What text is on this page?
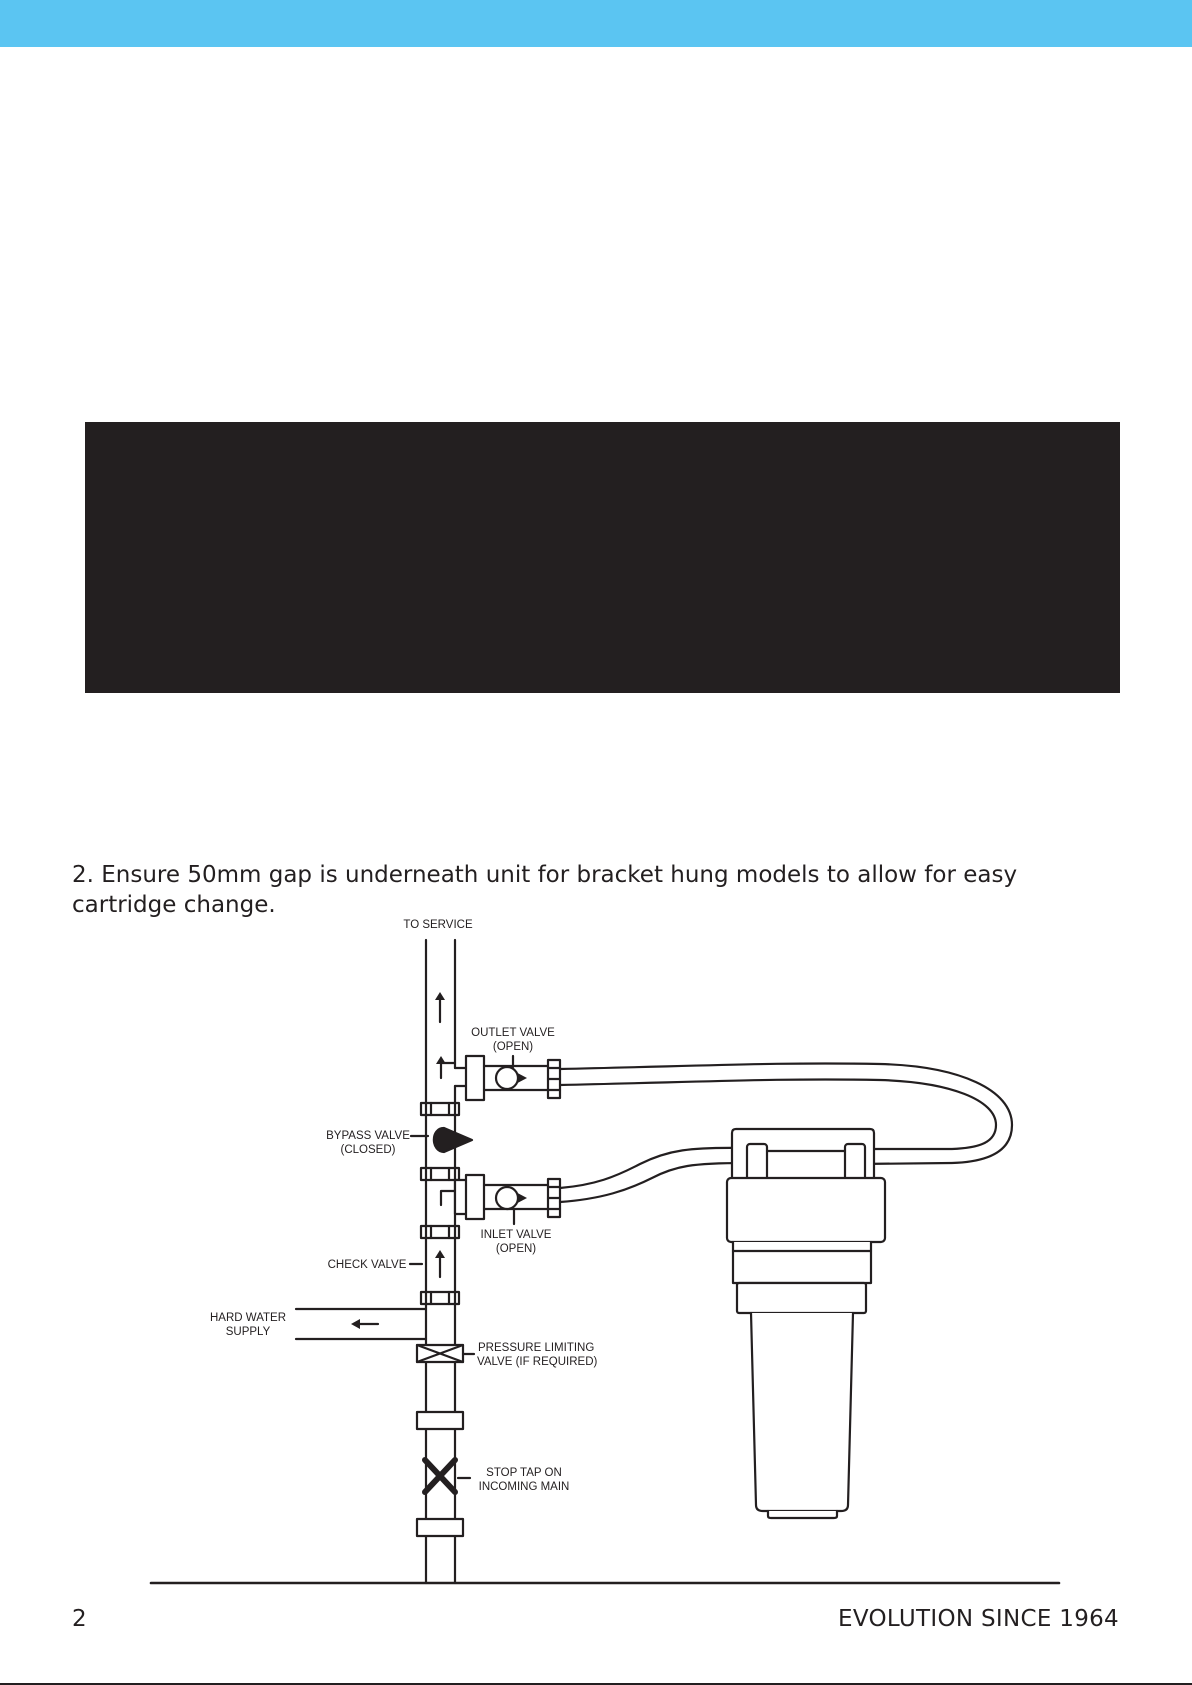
2. Ensure 50mm gap is underneath unit for bracket hung models to allow for easy cartridge change.

TO SERVICE
OUTLET VALVE
(OPEN)
BYPASS VALVE
(CLOSED)
INLET VALVE
(OPEN)
CHECK VALVE
HARD WATER
SUPPLY
PRESSURE LIMITING
VALVE (IF REQUIRED)
STOP TAP ON
INCOMING MAIN
2	EVOLUTION SINCE 1964
